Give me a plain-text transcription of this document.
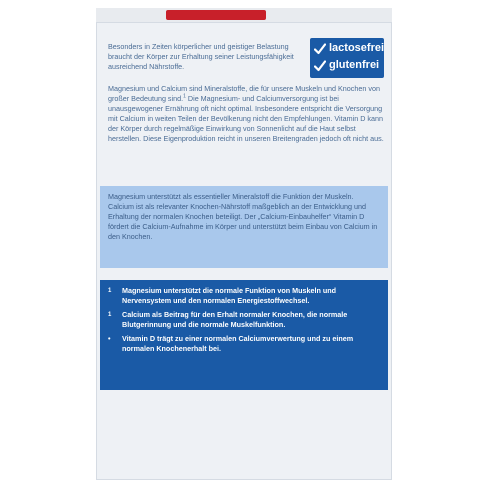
Besonders in Zeiten körperlicher und geistiger Belastung braucht der Körper zur Erhaltung seiner Leistungsfähigkeit ausreichend Nährstoffe.
lactosefrei
glutenfrei
Magnesium und Calcium sind Mineralstoffe, die für unsere Muskeln und Knochen von großer Bedeutung sind.$^1$ Die Magnesium- und Calciumversorgung ist bei unausgewogener Ernährung oft nicht optimal. Insbesondere entspricht die Versorgung mit Calcium in weiten Teilen der Bevölkerung nicht den Empfehlungen. Vitamin D kann der Körper durch regelmäßige Einwirkung von Sonnenlicht auf die Haut selbst herstellen. Diese Eigenproduktion reicht in unseren Breitengraden jedoch oft nicht aus.
Magnesium unterstützt als essentieller Mineralstoff die Funktion der Muskeln. Calcium ist als relevanter Knochen-Nährstoff maßgeblich an der Entwicklung und Erhaltung der normalen Knochen beteiligt. Der „Calcium-Einbauhelfer“ Vitamin D fördert die Calcium-Aufnahme im Körper und unterstützt beim Einbau von Calcium in den Knochen.
$^1$	Magnesium unterstützt die normale Funktion von Muskeln und Nervensystem und den normalen Energiestoffwechsel.
$^1$	Calcium als Beitrag für den Erhalt normaler Knochen, die normale Blutgerinnung und die normale Muskelfunktion.
•	Vitamin D trägt zu einer normalen Calciumverwertung und zu einem normalen Knochenerhalt bei.
